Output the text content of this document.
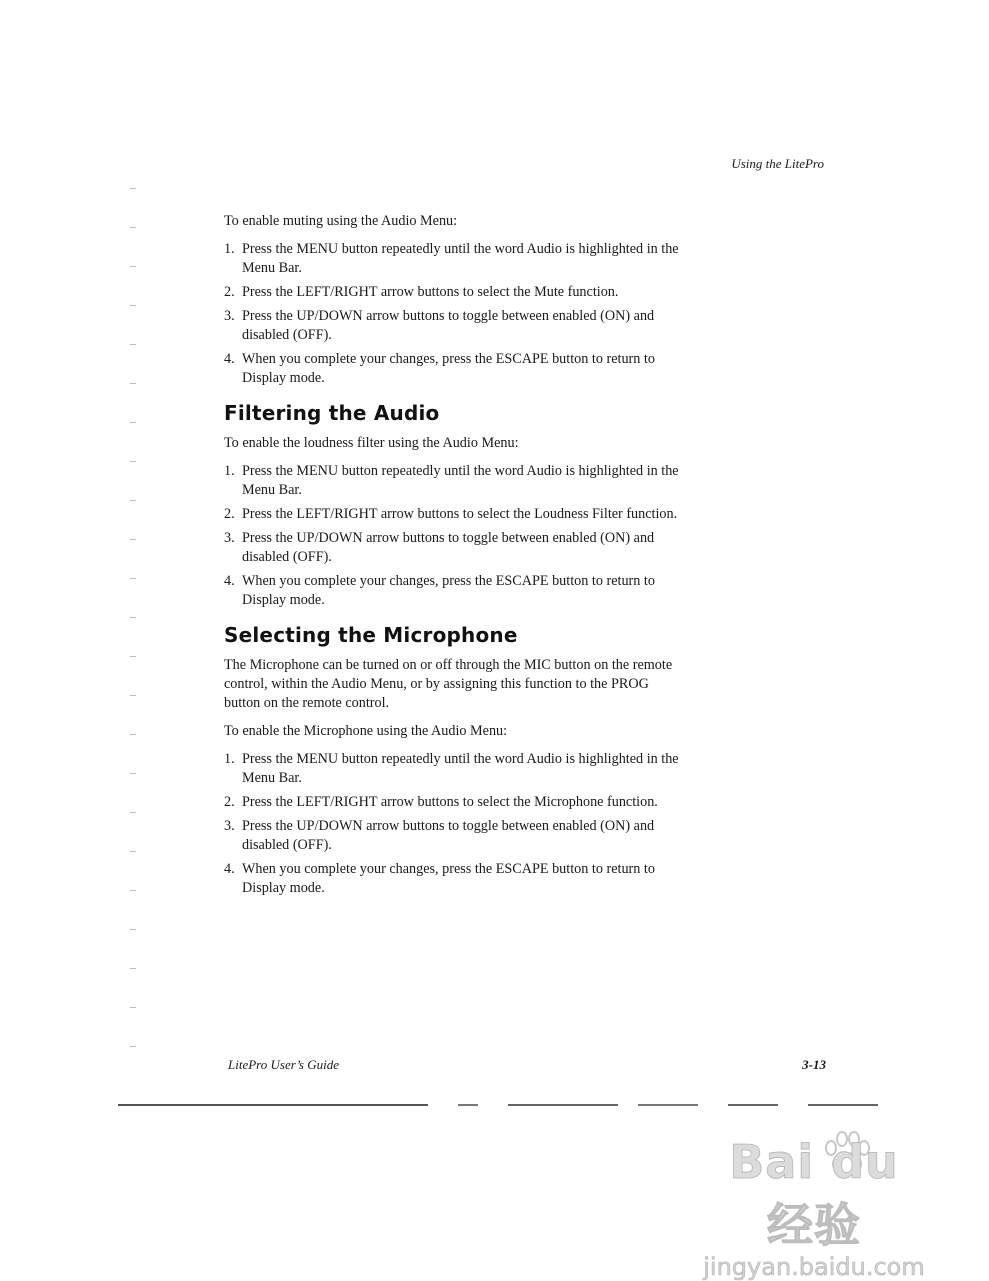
Using the LitePro

To enable muting using the Audio Menu:

1. Press the MENU button repeatedly until the word Audio is highlighted in the Menu Bar.
2. Press the LEFT/RIGHT arrow buttons to select the Mute function.
3. Press the UP/DOWN arrow buttons to toggle between enabled (ON) and disabled (OFF).
4. When you complete your changes, press the ESCAPE button to return to Display mode.
Filtering the Audio

To enable the loudness filter using the Audio Menu:

1. Press the MENU button repeatedly until the word Audio is highlighted in the Menu Bar.
2. Press the LEFT/RIGHT arrow buttons to select the Loudness Filter function.
3. Press the UP/DOWN arrow buttons to toggle between enabled (ON) and disabled (OFF).
4. When you complete your changes, press the ESCAPE button to return to Display mode.
Selecting the Microphone

The Microphone can be turned on or off through the MIC button on the remote control, within the Audio Menu, or by assigning this function to the PROG button on the remote control.

To enable the Microphone using the Audio Menu:

1. Press the MENU button repeatedly until the word Audio is highlighted in the Menu Bar.
2. Press the LEFT/RIGHT arrow buttons to select the Microphone function.
3. Press the UP/DOWN arrow buttons to toggle between enabled (ON) and disabled (OFF).
4. When you complete your changes, press the ESCAPE button to return to Display mode.
LitePro User’s Guide	3-13
Bai du 经验
jingyan.baidu.com
